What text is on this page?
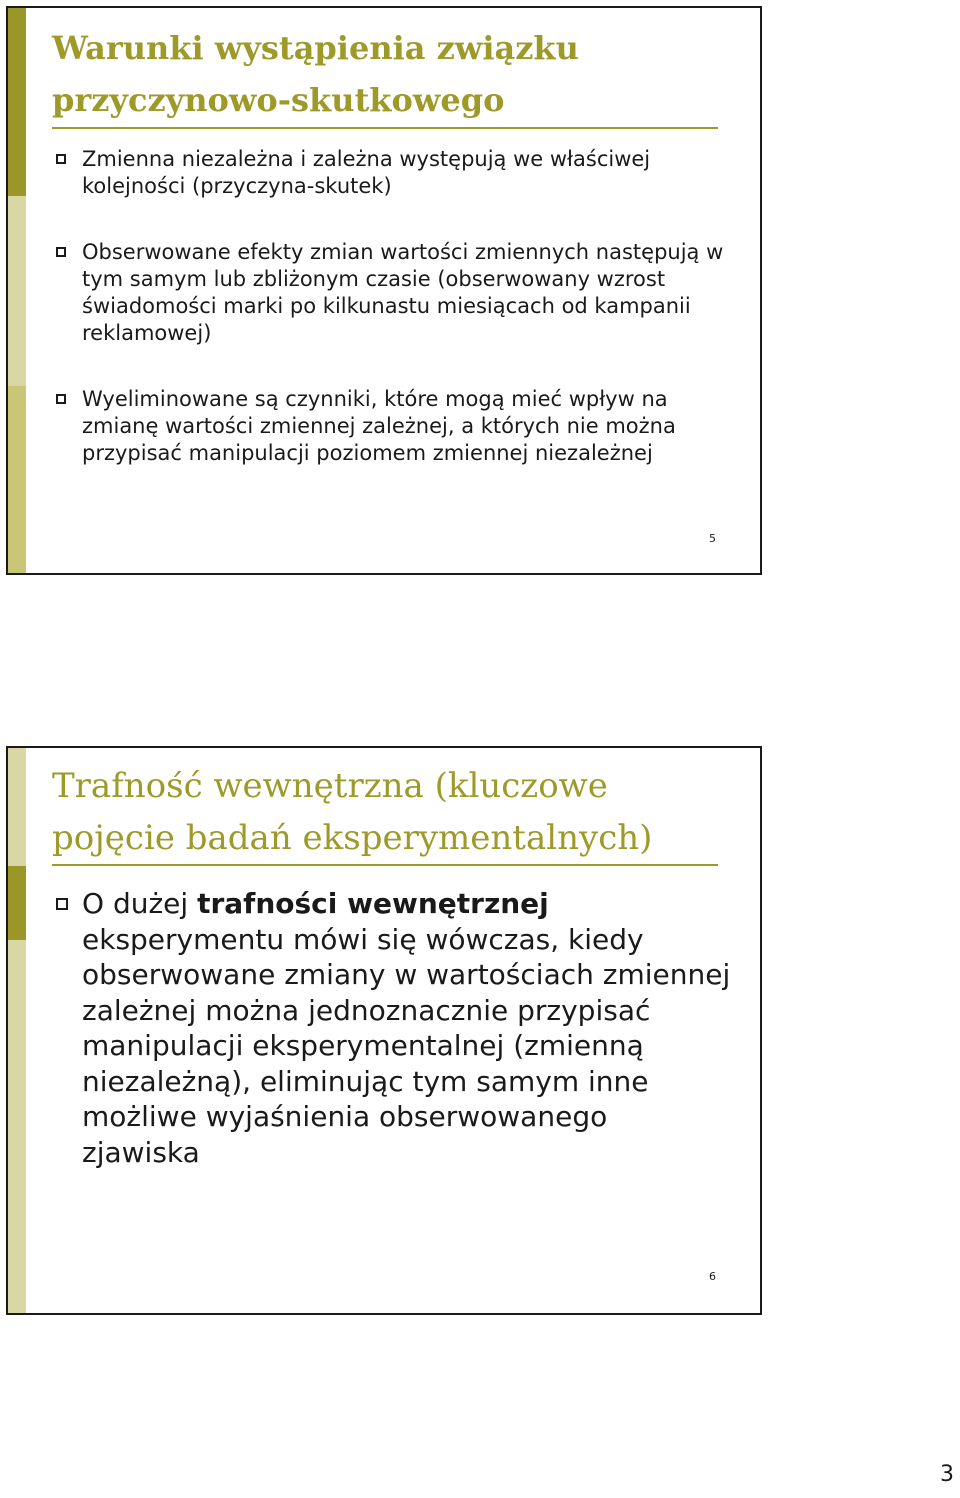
Warunki wystąpienia związku przyczynowo-skutkowego
Zmienna niezależna i zależna występują we właściwej kolejności (przyczyna-skutek)
Obserwowane efekty zmian wartości zmiennych następują w tym samym lub zbliżonym czasie (obserwowany wzrost świadomości marki po kilkunastu miesiącach od kampanii reklamowej)
Wyeliminowane są czynniki, które mogą mieć wpływ na zmianę wartości zmiennej zależnej, a których nie można przypisać manipulacji poziomem zmiennej niezależnej
5
Trafność wewnętrzna (kluczowe pojęcie badań eksperymentalnych)
O dużej trafności wewnętrznej eksperymentu mówi się wówczas, kiedy obserwowane zmiany w wartościach zmiennej zależnej można jednoznacznie przypisać manipulacji eksperymentalnej (zmienną niezależną), eliminując tym samym inne możliwe wyjaśnienia obserwowanego zjawiska
6
3
